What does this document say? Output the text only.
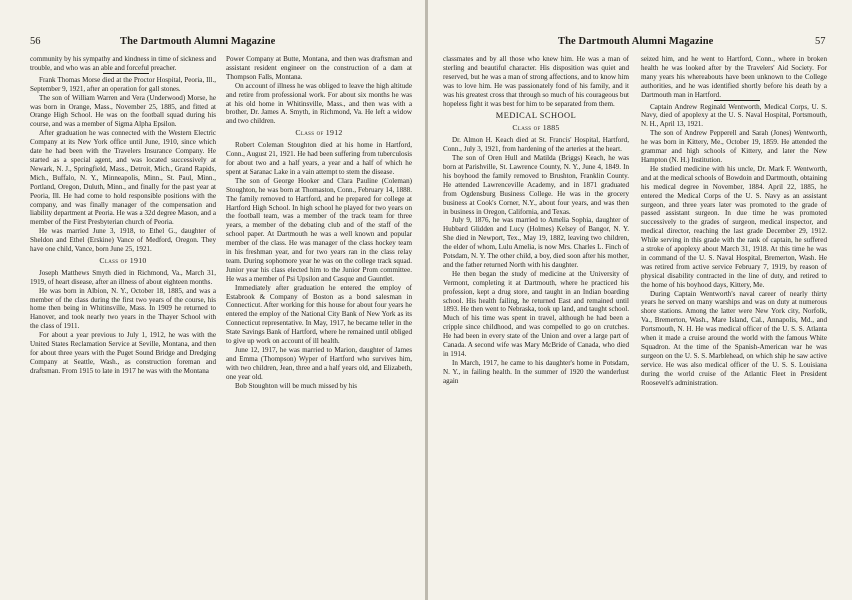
56	The Dartmouth Alumni Magazine

community by his sympathy and kindness in time of sickness and trouble, and who was an able and forceful preacher.

Frank Thomas Morse died at the Proctor Hospital, Peoria, Ill., September 9, 1921, after an operation for gall stones.

The son of William Warren and Vera (Underwood) Morse, he was born in Orange, Mass., November 25, 1885, and fitted at Orange High School. He was on the football squad during his course, and was a member of Sigma Alpha Epsilon.

After graduation he was connected with the Western Electric Company at its New York office until June, 1910, since which date he had been with the Travelers Insurance Company. He started as a special agent, and was located successively at Newark, N. J., Springfield, Mass., Detroit, Mich., Grand Rapids, Mich., Buffalo, N. Y., Minneapolis, Minn., St. Paul, Minn., Portland, Oregon, Duluth, Minn., and finally for the past year at Peoria, Ill. He had come to hold responsible positions with the company, and was finally manager of the compensation and liability department at Peoria. He was a 32d degree Mason, and a member of the First Presbyterian church of Peoria.

He was married June 3, 1918, to Ethel G., daughter of Sheldon and Ethel (Erskine) Vance of Medford, Oregon. They have one child, Vance, born June 25, 1921.

Class of 1910

Joseph Matthews Smyth died in Richmond, Va., March 31, 1919, of heart disease, after an illness of about eighteen months.

He was born in Albion, N. Y., October 18, 1885, and was a member of the class during the first two years of the course, his home then being in Whitinsville, Mass. In 1909 he returned to Hanover, and took nearly two years in the Thayer School with the class of 1911.

For about a year previous to July 1, 1912, he was with the United States Reclamation Service at Seville, Montana, and then for about three years with the Puget Sound Bridge and Dredging Company at Seattle, Wash., as construction foreman and draftsman. From 1915 to late in 1917 he was with the Montana

Power Company at Butte, Montana, and then was draftsman and assistant resident engineer on the construction of a dam at Thompson Falls, Montana.

On account of illness he was obliged to leave the high altitude and retire from professional work. For about six months he was at his old home in Whitinsville, Mass., and then was with a brother, Dr. James A. Smyth, in Richmond, Va. He left a widow and two children.

Class of 1912

Robert Coleman Stoughton died at his home in Hartford, Conn., August 21, 1921. He had been suffering from tuberculosis for about two and a half years, a year and a half of which he spent at Saranac Lake in a vain attempt to stem the disease.

The son of George Hooker and Clara Pauline (Coleman) Stoughton, he was born at Thomaston, Conn., February 14, 1888. The family removed to Hartford, and he prepared for college at Hartford High School. In high school he played for two years on the football team, was a member of the track team for three years, a member of the debating club and of the staff of the school paper. At Dartmouth he was a well known and popular member of the class. He was manager of the class hockey team in his freshman year, and for two years ran in the class relay team. During sophomore year he was on the college track squad. Junior year his class elected him to the Junior Prom committee. He was a member of Psi Upsilon and Casque and Gauntlet.

Immediately after graduation he entered the employ of Estabrook & Company of Boston as a bond salesman in Connecticut. After working for this house for about four years he entered the employ of the National City Bank of New York as its Connecticut representative. In May, 1917, he became teller in the State Savings Bank of Hartford, where he remained until obliged to give up work on account of ill health.

June 12, 1917, he was married to Marion, daughter of James and Emma (Thompson) Wyper of Hartford who survives him, with two children, Jean, three and a half years old, and Elizabeth, one year old.

Bob Stoughton will be much missed by his

The Dartmouth Alumni Magazine	57

classmates and by all those who knew him. He was a man of sterling and beautiful character. His disposition was quiet and reserved, but he was a man of strong affections, and to know him was to love him. He was passionately fond of his family, and it was his greatest cross that through so much of his courageous but hopeless fight it was best for him to be separated from them.

MEDICAL SCHOOL
Class of 1885

Dr. Almon H. Keach died at St. Francis' Hospital, Hartford, Conn., July 3, 1921, from hardening of the arteries at the heart.

The son of Oren Hull and Matilda (Briggs) Keach, he was born at Parishville, St. Lawrence County, N. Y., June 4, 1849. In his boyhood the family removed to Brushton, Franklin County. He attended Lawrenceville Academy, and in 1871 graduated from Ogdensburg Business College. He was in the grocery business at Cook's Corner, N.Y., about four years, and was then in business in Oregon, California, and Texas.

July 9, 1876, he was married to Amelia Sophia, daughter of Hubbard Glidden and Lucy (Holmes) Kelsey of Bangor, N. Y. She died in Newport, Tex., May 19, 1882, leaving two children, the elder of whom, Lulu Amelia, is now Mrs. Charles L. Finch of Potsdam, N. Y. The other child, a boy, died soon after his mother, and the father returned North with his daughter.

He then began the study of medicine at the University of Vermont, completing it at Dartmouth, where he practiced his profession, kept a drug store, and taught in an Indian boarding school. His health failing, he returned East and remained until 1893. He then went to Nebraska, took up land, and taught school. Much of his time was spent in travel, although he had been a cripple since childhood, and was compelled to go on crutches. He had been in every state of the Union and over a large part of Canada. A second wife was Mary McBride of Canada, who died in 1914.

In March, 1917, he came to his daughter's home in Potsdam, N. Y., in failing health. In the summer of 1920 the wanderlust again

seized him, and he went to Hartford, Conn., where in broken health he was looked after by the Travelers' Aid Society. For many years his whereabouts have been unknown to the College authorities, and he was identified shortly before his death by a Dartmouth man in Hartford.

Captain Andrew Reginald Wentworth, Medical Corps, U. S. Navy, died of apoplexy at the U. S. Naval Hospital, Portsmouth, N. H., April 13, 1921.

The son of Andrew Pepperell and Sarah (Jones) Wentworth, he was born in Kittery, Me., October 19, 1859. He attended the grammar and high schools of Kittery, and later the New Hampton (N. H.) Institution.

He studied medicine with his uncle, Dr. Mark F. Wentworth, and at the medical schools of Bowdoin and Dartmouth, obtaining his medical degree in November, 1884. April 22, 1885, he entered the Medical Corps of the U. S. Navy as an assistant surgeon, and three years later was promoted to the grade of passed assistant surgeon. In due time he was promoted successively to the grades of surgeon, medical inspector, and medical director, reaching the last grade December 29, 1912. While serving in this grade with the rank of captain, he suffered a stroke of apoplexy about March 31, 1918. At this time he was in command of the U. S. Naval Hospital, Bremerton, Wash. He was retired from active service February 7, 1919, by reason of physical disability contracted in the line of duty, and retired to the home of his boyhood days, Kittery, Me.

During Captain Wentworth's naval career of nearly thirty years he served on many warships and was on duty at numerous shore stations. Among the latter were New York city, Norfolk, Va., Bremerton, Wash., Mare Island, Cal., Annapolis, Md., and Portsmouth, N. H. He was medical officer of the U. S. S. Atlanta when it made a cruise around the world with the famous White Squadron. At the time of the Spanish-American war he was surgeon on the U. S. S. Marblehead, on which ship he saw active service. He was also medical officer of the U. S. S. Louisiana during the world cruise of the Atlantic Fleet in President Roosevelt's administration.
